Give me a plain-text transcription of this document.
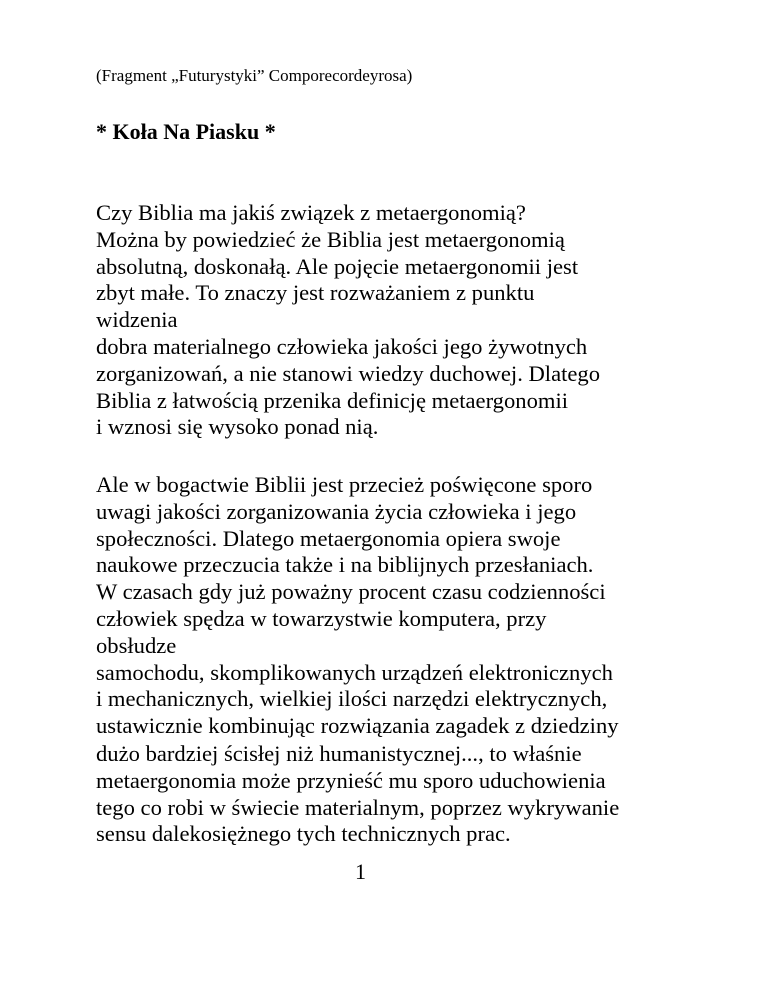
(Fragment „Futurystyki” Comporecordeyrosa)
* Koła Na Piasku *
Czy Biblia ma jakiś związek z metaergonomią?
Można by powiedzieć że Biblia jest metaergonomią
absolutną, doskonałą. Ale pojęcie metaergonomii jest
zbyt małe. To znaczy jest rozważaniem z punktu
widzenia
dobra materialnego człowieka jakości jego żywotnych
zorganizowań, a nie stanowi wiedzy duchowej. Dlatego
Biblia z łatwością przenika definicję metaergonomii
i wznosi się wysoko ponad nią.
Ale w bogactwie Biblii jest przecież poświęcone sporo
uwagi jakości zorganizowania życia człowieka i jego
społeczności. Dlatego metaergonomia opiera swoje
naukowe przeczucia także i na biblijnych przesłaniach.
W czasach gdy już poważny procent czasu codzienności
człowiek spędza w towarzystwie komputera, przy
obsłudze
samochodu, skomplikowanych urządzeń elektronicznych
i mechanicznych, wielkiej ilości narzędzi elektrycznych,
ustawicznie kombinując rozwiązania zagadek z dziedziny
dużo bardziej ścisłej niż humanistycznej..., to właśnie
metaergonomia może przynieść mu sporo uduchowienia
tego co robi w świecie materialnym, poprzez wykrywanie
sensu dalekosiężnego tych technicznych prac.
1
